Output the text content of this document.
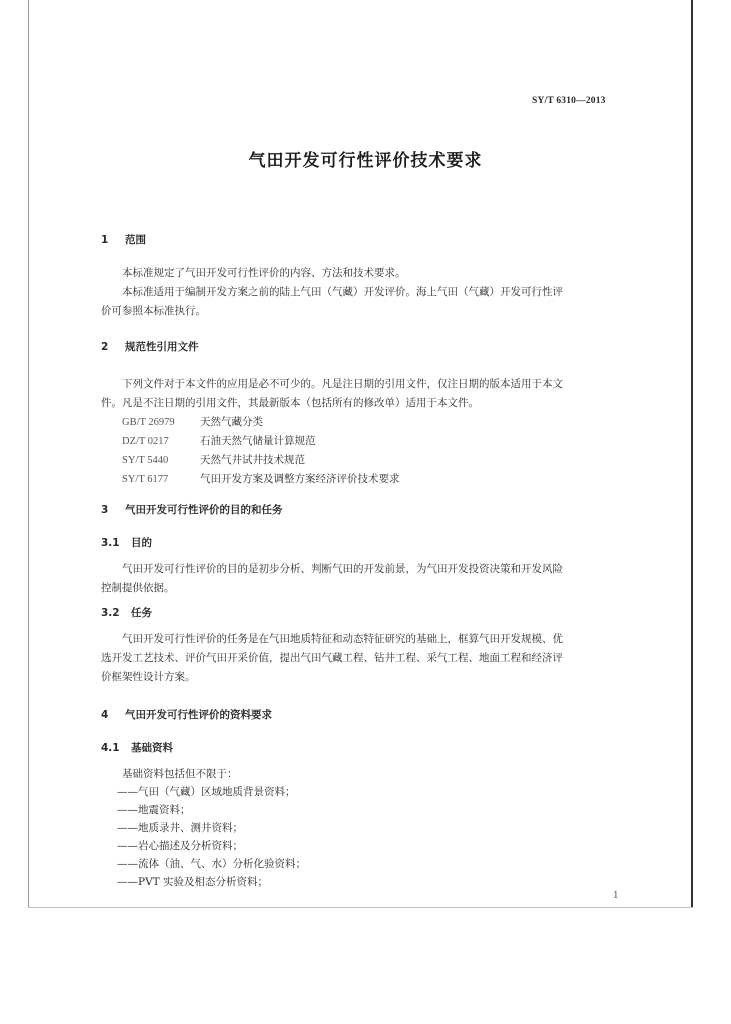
SY/T 6310—2013
气田开发可行性评价技术要求
1 范围
本标准规定了气田开发可行性评价的内容、方法和技术要求。
本标准适用于编制开发方案之前的陆上气田（气藏）开发评价。海上气田（气藏）开发可行性评
价可参照本标准执行。
2 规范性引用文件
下列文件对于本文件的应用是必不可少的。凡是注日期的引用文件，仅注日期的版本适用于本文
件。凡是不注日期的引用文件，其最新版本（包括所有的修改单）适用于本文件。
GB/T 26979 天然气藏分类
DZ/T 0217	石油天然气储量计算规范
SY/T 5440	天然气井试井技术规范
SY/T 6177	气田开发方案及调整方案经济评价技术要求
3 气田开发可行性评价的目的和任务
3.1 目的
气田开发可行性评价的目的是初步分析、判断气田的开发前景，为气田开发投资决策和开发风险
控制提供依据。
3.2 任务
气田开发可行性评价的任务是在气田地质特征和动态特征研究的基础上，框算气田开发规模、优
选开发工艺技术、评价气田开采价值，提出气田气藏工程、钻井工程、采气工程、地面工程和经济评
价框架性设计方案。
4 气田开发可行性评价的资料要求
4.1 基础资料
基础资料包括但不限于：
——气田（气藏）区域地质背景资料；
——地震资料；
——地质录井、测井资料；
——岩心描述及分析资料；
——流体（油、气、水）分析化验资料；
——PVT 实验及相态分析资料；
1
